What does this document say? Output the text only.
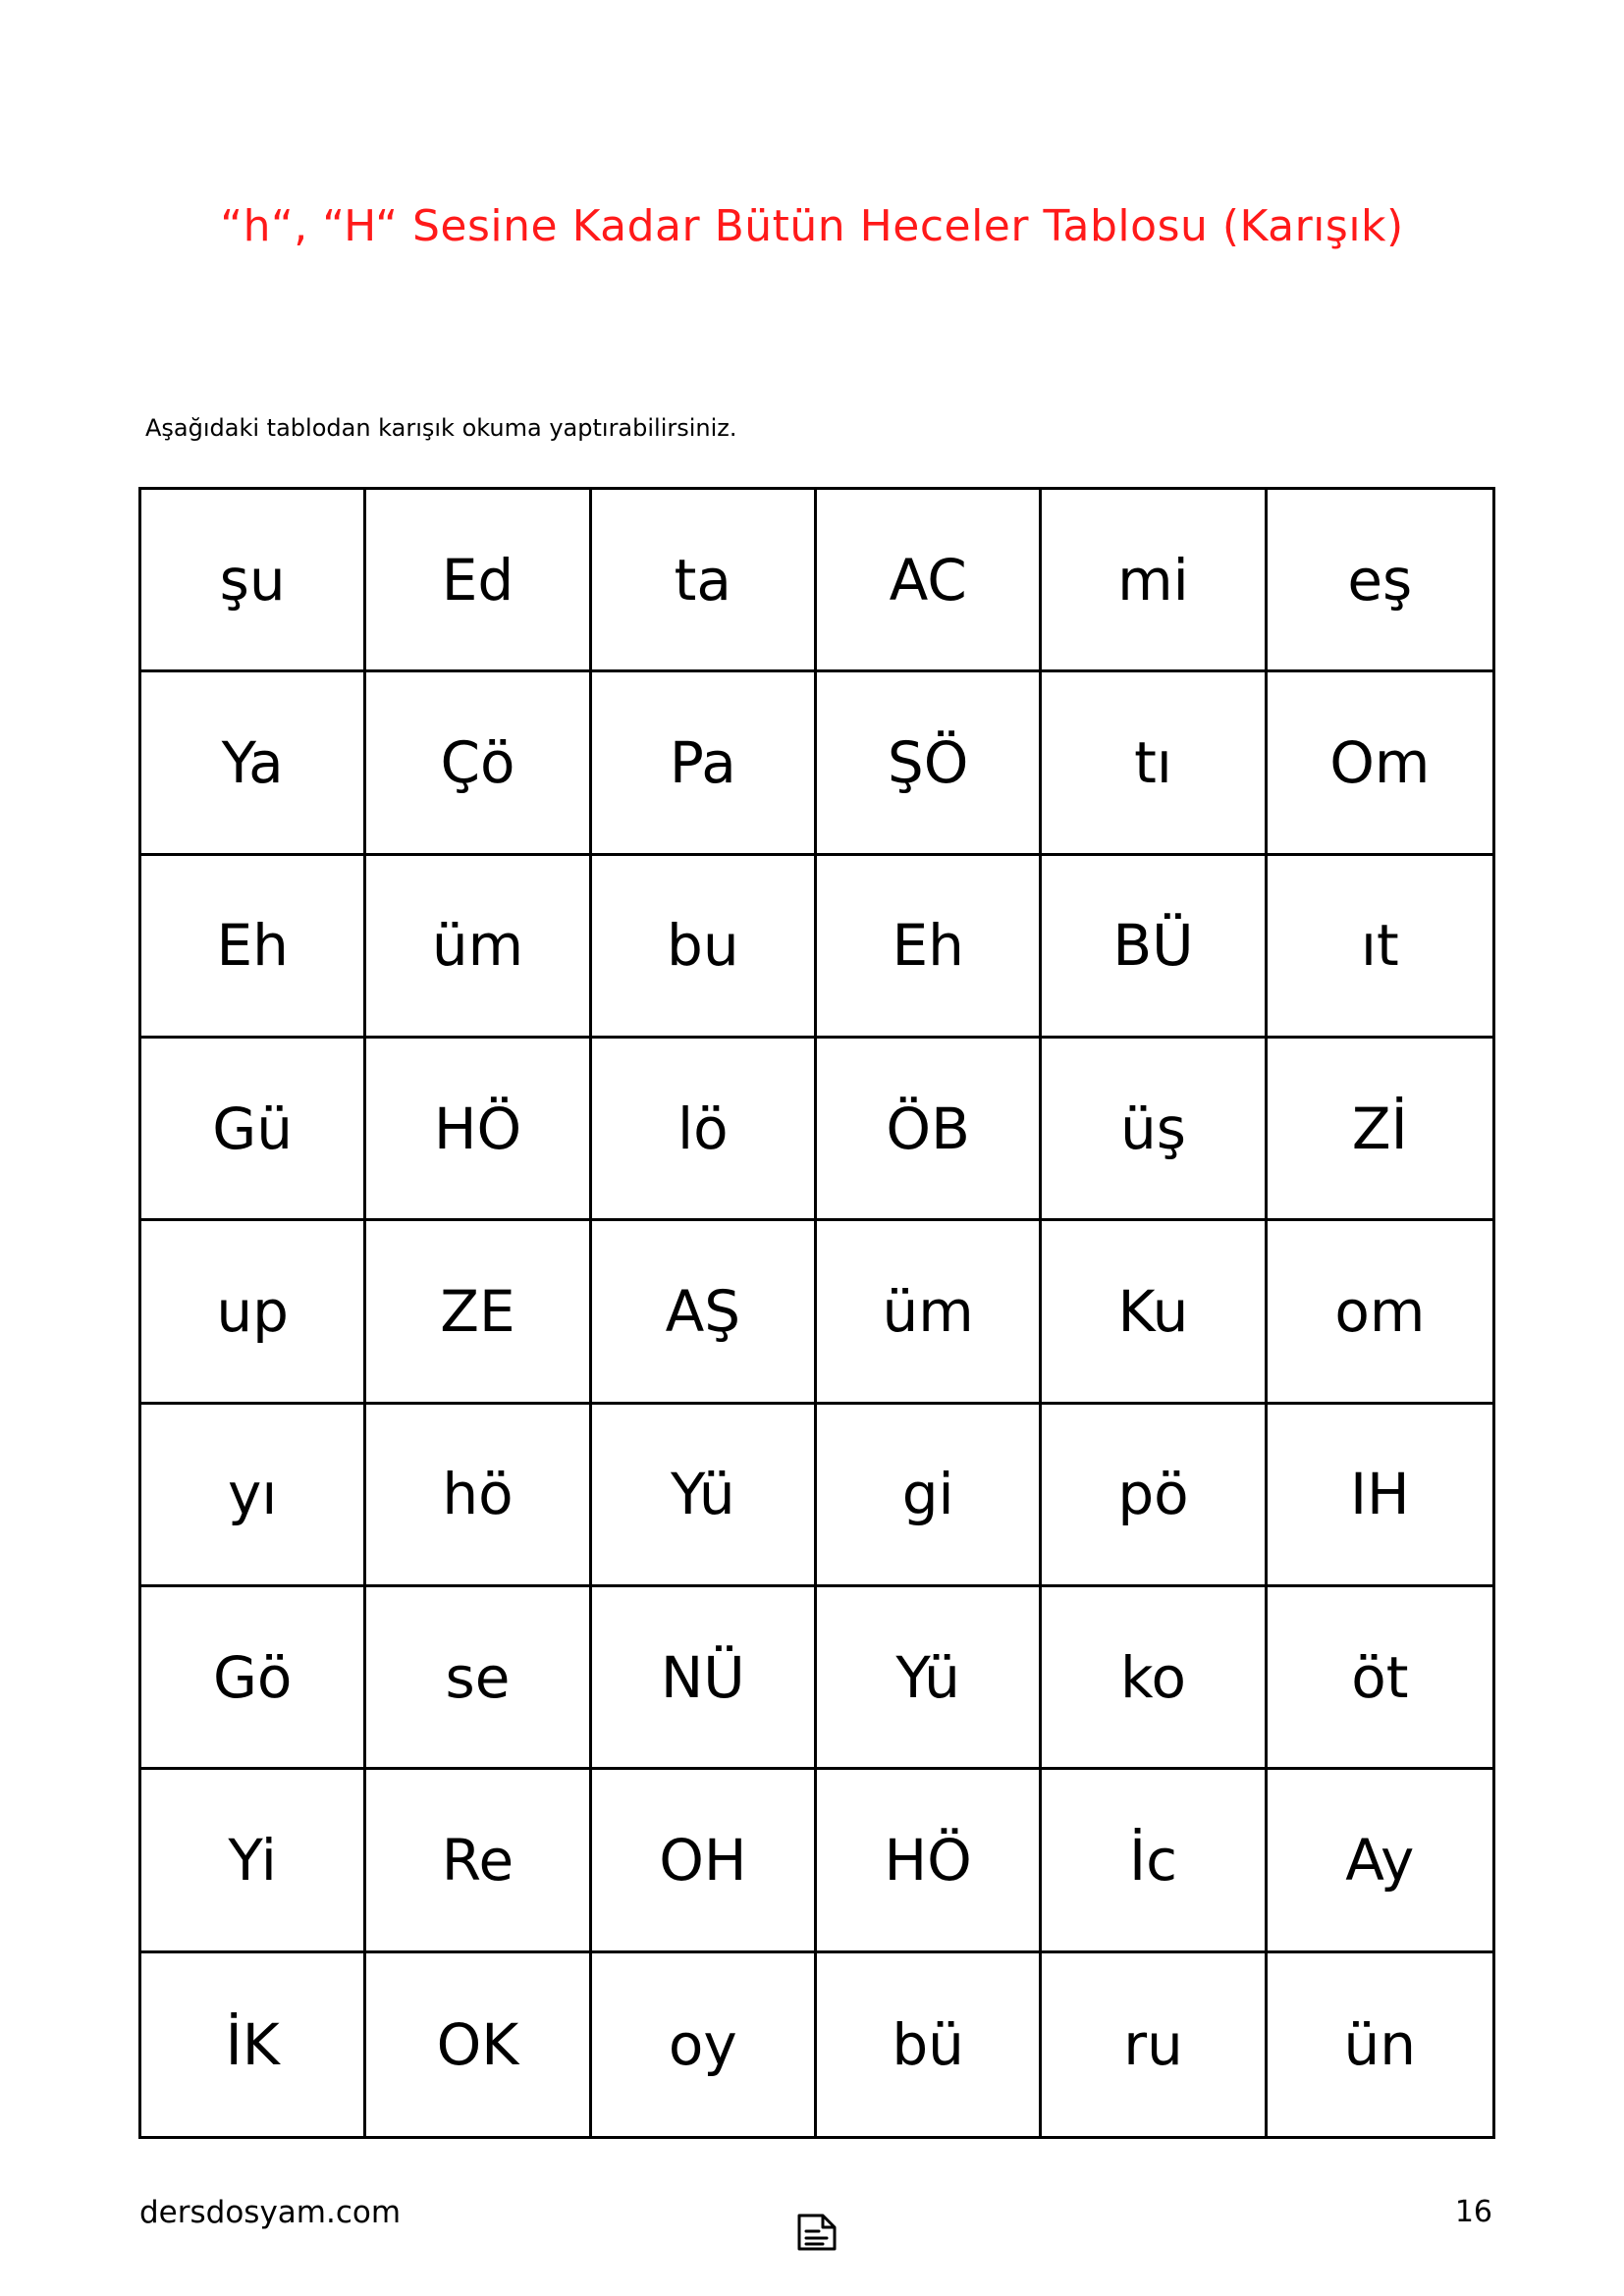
“h“, “H“ Sesine Kadar Bütün Heceler Tablosu (Karışık)
Aşağıdaki tablodan karışık okuma yaptırabilirsiniz.
şu	Ed	ta	AC	mi	eş
Ya	Çö	Pa	ŞÖ	tı	Om
Eh	üm	bu	Eh	BÜ	ıt
Gü	HÖ	lö	ÖB	üş	Zİ
up	ZE	AŞ	üm	Ku	om
yı	hö	Yü	gi	pö	IH
Gö	se	NÜ	Yü	ko	öt
Yi	Re	OH	HÖ	İc	Ay
İK	OK	oy	bü	ru	ün
dersdosyam.com	16
